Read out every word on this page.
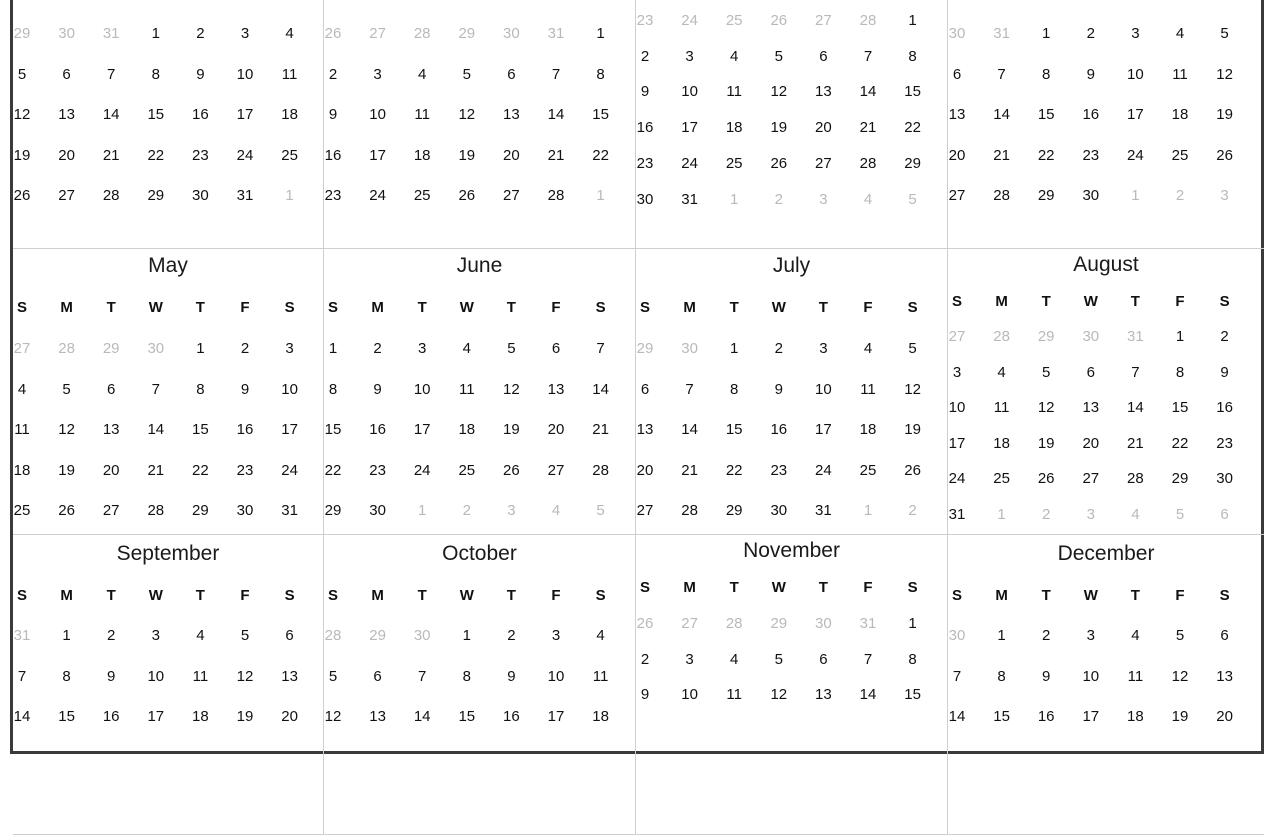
29	30	31	1	2	3	4
5	6	7	8	9	10	11
12	13	14	15	16	17	18
19	20	21	22	23	24	25
26	27	28	29	30	31	1
26	27	28	29	30	31	1
2	3	4	5	6	7	8
9	10	11	12	13	14	15
16	17	18	19	20	21	22
23	24	25	26	27	28	1
23	24	25	26	27	28	1
2	3	4	5	6	7	8
9	10	11	12	13	14	15
16	17	18	19	20	21	22
23	24	25	26	27	28	29
30	31	1	2	3	4	5
30	31	1	2	3	4	5
6	7	8	9	10	11	12
13	14	15	16	17	18	19
20	21	22	23	24	25	26
27	28	29	30	1	2	3
May
S	M	T	W	T	F	S
27	28	29	30	1	2	3
4	5	6	7	8	9	10
11	12	13	14	15	16	17
18	19	20	21	22	23	24
25	26	27	28	29	30	31
June
S	M	T	W	T	F	S
1	2	3	4	5	6	7
8	9	10	11	12	13	14
15	16	17	18	19	20	21
22	23	24	25	26	27	28
29	30	1	2	3	4	5
July
S	M	T	W	T	F	S
29	30	1	2	3	4	5
6	7	8	9	10	11	12
13	14	15	16	17	18	19
20	21	22	23	24	25	26
27	28	29	30	31	1	2
August
S	M	T	W	T	F	S
27	28	29	30	31	1	2
3	4	5	6	7	8	9
10	11	12	13	14	15	16
17	18	19	20	21	22	23
24	25	26	27	28	29	30
31	1	2	3	4	5	6
September
S	M	T	W	T	F	S
31	1	2	3	4	5	6
7	8	9	10	11	12	13
14	15	16	17	18	19	20
October
S	M	T	W	T	F	S
28	29	30	1	2	3	4
5	6	7	8	9	10	11
12	13	14	15	16	17	18
November
S	M	T	W	T	F	S
26	27	28	29	30	31	1
2	3	4	5	6	7	8
9	10	11	12	13	14	15
December
S	M	T	W	T	F	S
30	1	2	3	4	5	6
7	8	9	10	11	12	13
14	15	16	17	18	19	20
